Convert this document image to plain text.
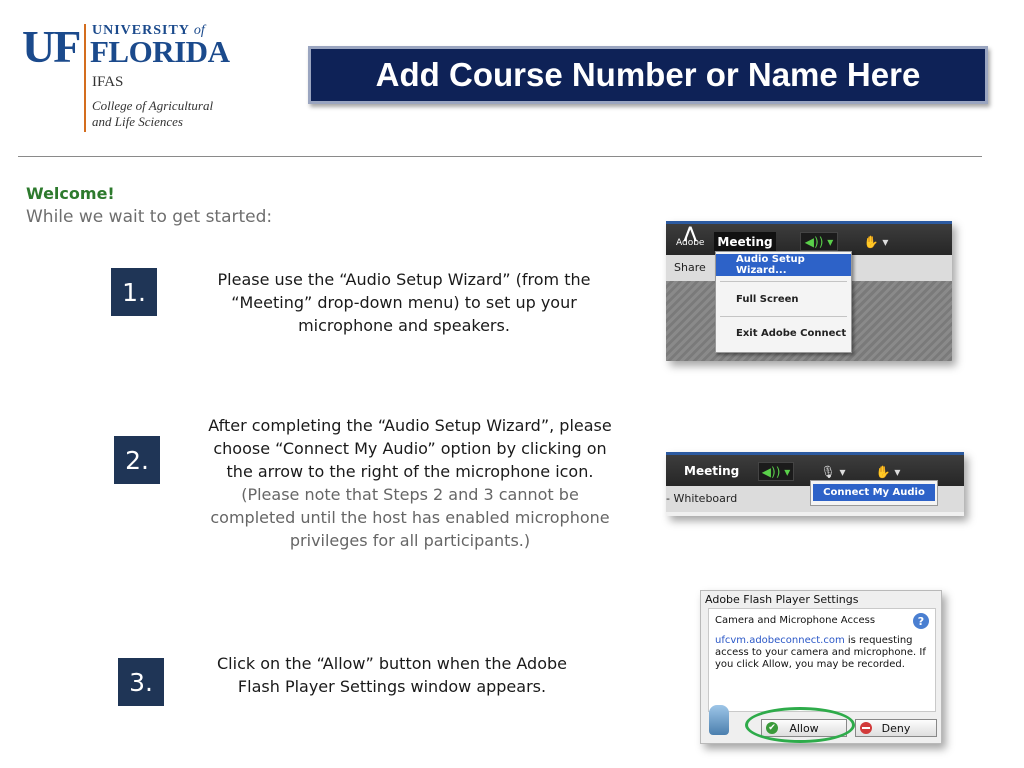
UF UNIVERSITY of
FLORIDA
IFAS
College of Agricultural
and Life Sciences
Add Course Number or Name Here
Welcome!
While we wait to get started:
1.
2.
3.
Please use the “Audio Setup Wizard” (from the “Meeting” drop-down menu) to set up your microphone and speakers.
After completing the “Audio Setup Wizard”, please choose “Connect My Audio” option by clicking on the arrow to the right of the microphone icon.
(Please note that Steps 2 and 3 cannot be completed until the host has enabled microphone privileges for all participants.)
Click on the “Allow” button when the Adobe Flash Player Settings window appears.
⋀
Adobe Meeting	◀)) ▾	✋ ▾
Share
Audio Setup Wizard...
Full Screen
Exit Adobe Connect
Meeting	◀)) ▾	🎙 ▾	✋ ▾
- Whiteboard	Connect My Audio
Adobe Flash Player Settings
Camera and Microphone Access	?
ufcvm.adobeconnect.com is requesting access to your camera and microphone. If you click Allow, you may be recorded.
✔ Allow	Deny
